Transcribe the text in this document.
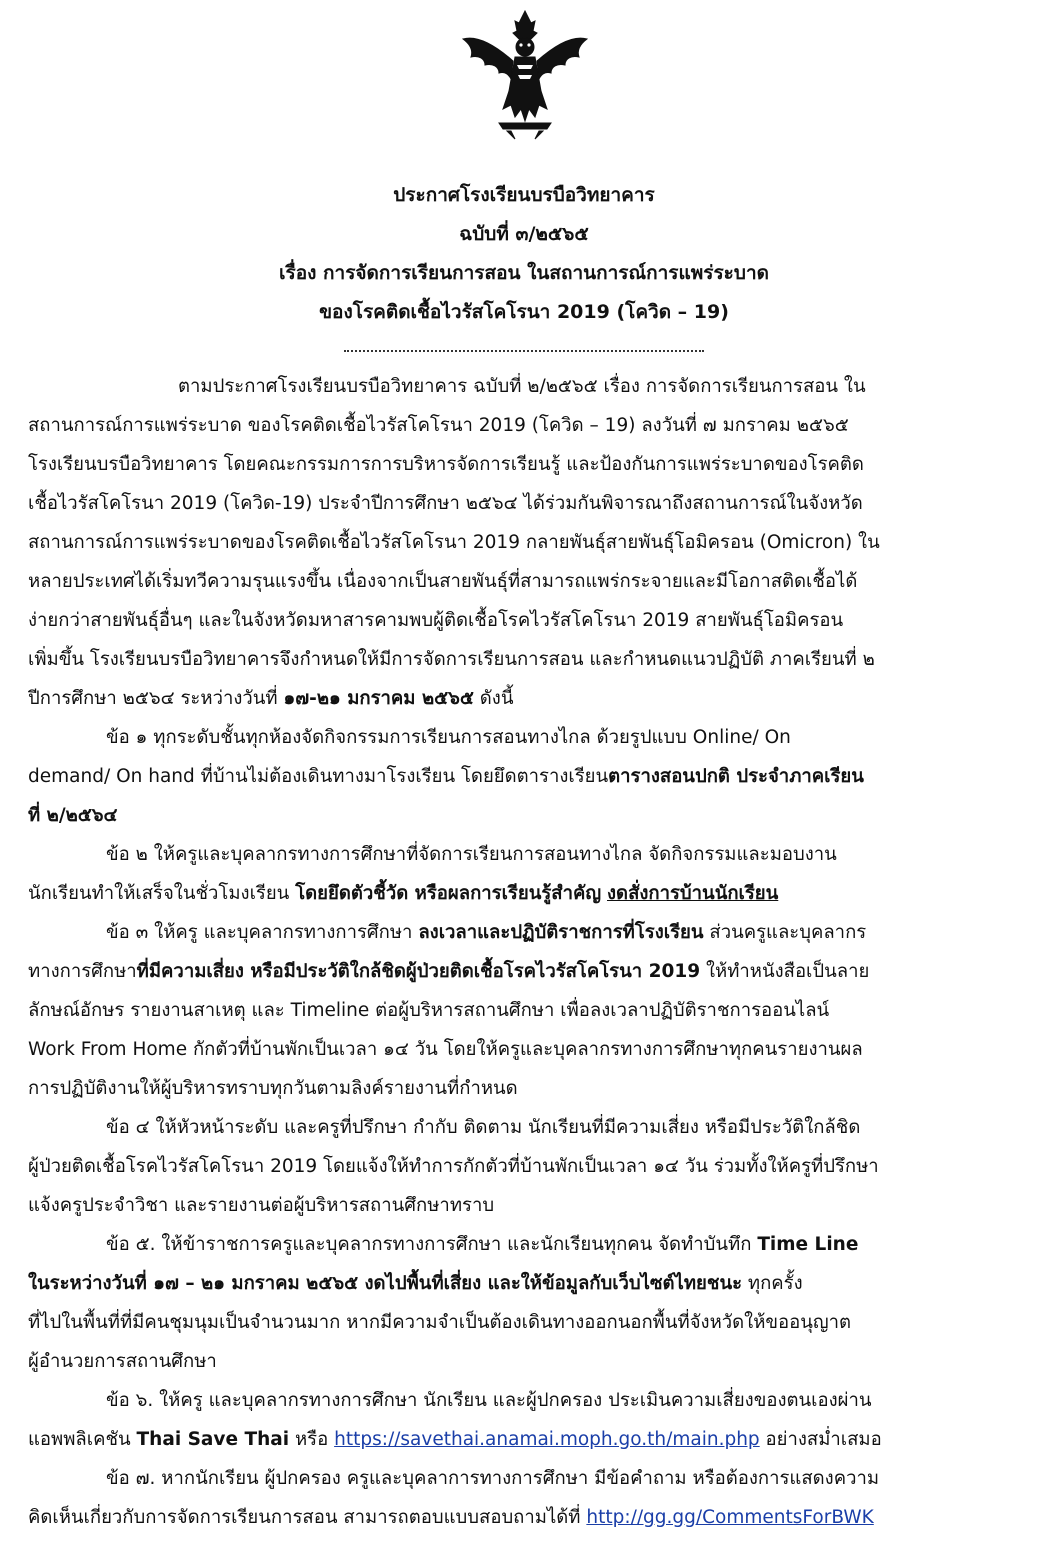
ประกาศโรงเรียนบรบือวิทยาคาร
ฉบับที่ ๓/๒๕๖๕
เรื่อง การจัดการเรียนการสอน ในสถานการณ์การแพร่ระบาด
ของโรคติดเชื้อไวรัสโคโรนา 2019 (โควิด – 19)
ตามประกาศโรงเรียนบรบือวิทยาคาร ฉบับที่ ๒/๒๕๖๕ เรื่อง การจัดการเรียนการสอน ใน
สถานการณ์การแพร่ระบาด ของโรคติดเชื้อไวรัสโคโรนา 2019 (โควิด – 19) ลงวันที่ ๗ มกราคม ๒๕๖๕
โรงเรียนบรบือวิทยาคาร โดยคณะกรรมการการบริหารจัดการเรียนรู้ และป้องกันการแพร่ระบาดของโรคติด
เชื้อไวรัสโคโรนา 2019 (โควิด-19) ประจำปีการศึกษา ๒๕๖๔ ได้ร่วมกันพิจารณาถึงสถานการณ์ในจังหวัด
สถานการณ์การแพร่ระบาดของโรคติดเชื้อไวรัสโคโรนา 2019 กลายพันธุ์สายพันธุ์โอมิครอน (Omicron) ใน
หลายประเทศได้เริ่มทวีความรุนแรงขึ้น เนื่องจากเป็นสายพันธุ์ที่สามารถแพร่กระจายและมีโอกาสติดเชื้อได้
ง่ายกว่าสายพันธุ์อื่นๆ และในจังหวัดมหาสารคามพบผู้ติดเชื้อโรคไวรัสโคโรนา 2019 สายพันธุ์โอมิครอน
เพิ่มขึ้น โรงเรียนบรบือวิทยาคารจึงกำหนดให้มีการจัดการเรียนการสอน และกำหนดแนวปฏิบัติ ภาคเรียนที่ ๒
ปีการศึกษา ๒๕๖๔ ระหว่างวันที่ ๑๗-๒๑ มกราคม ๒๕๖๕ ดังนี้
ข้อ ๑ ทุกระดับชั้นทุกห้องจัดกิจกรรมการเรียนการสอนทางไกล ด้วยรูปแบบ Online/ On
demand/ On hand ที่บ้านไม่ต้องเดินทางมาโรงเรียน โดยยึดตารางเรียนตารางสอนปกติ ประจำภาคเรียน
ที่ ๒/๒๕๖๔
ข้อ ๒ ให้ครูและบุคลากรทางการศึกษาที่จัดการเรียนการสอนทางไกล จัดกิจกรรมและมอบงาน
นักเรียนทำให้เสร็จในชั่วโมงเรียน โดยยึดตัวชี้วัด หรือผลการเรียนรู้สำคัญ งดสั่งการบ้านนักเรียน
ข้อ ๓ ให้ครู และบุคลากรทางการศึกษา ลงเวลาและปฏิบัติราชการที่โรงเรียน ส่วนครูและบุคลากร
ทางการศึกษาที่มีความเสี่ยง หรือมีประวัติใกล้ชิดผู้ป่วยติดเชื้อโรคไวรัสโคโรนา 2019 ให้ทำหนังสือเป็นลาย
ลักษณ์อักษร รายงานสาเหตุ และ Timeline ต่อผู้บริหารสถานศึกษา เพื่อลงเวลาปฏิบัติราชการออนไลน์
Work From Home กักตัวที่บ้านพักเป็นเวลา ๑๔ วัน โดยให้ครูและบุคลากรทางการศึกษาทุกคนรายงานผล
การปฏิบัติงานให้ผู้บริหารทราบทุกวันตามลิงค์รายงานที่กำหนด
ข้อ ๔ ให้หัวหน้าระดับ และครูที่ปรึกษา กำกับ ติดตาม นักเรียนที่มีความเสี่ยง หรือมีประวัติใกล้ชิด
ผู้ป่วยติดเชื้อโรคไวรัสโคโรนา 2019 โดยแจ้งให้ทำการกักตัวที่บ้านพักเป็นเวลา ๑๔ วัน ร่วมทั้งให้ครูที่ปรึกษา
แจ้งครูประจำวิชา และรายงานต่อผู้บริหารสถานศึกษาทราบ
ข้อ ๕. ให้ข้าราชการครูและบุคลากรทางการศึกษา และนักเรียนทุกคน จัดทำบันทึก Time Line
ในระหว่างวันที่ ๑๗ – ๒๑ มกราคม ๒๕๖๕ งดไปพื้นที่เสี่ยง และให้ข้อมูลกับเว็บไซต์ไทยชนะ ทุกครั้ง
ที่ไปในพื้นที่ที่มีคนชุมนุมเป็นจำนวนมาก หากมีความจำเป็นต้องเดินทางออกนอกพื้นที่จังหวัดให้ขออนุญาต
ผู้อำนวยการสถานศึกษา
ข้อ ๖. ให้ครู และบุคลากรทางการศึกษา นักเรียน และผู้ปกครอง ประเมินความเสี่ยงของตนเองผ่าน
แอพพลิเคชัน Thai Save Thai หรือ https://savethai.anamai.moph.go.th/main.php อย่างสม่ำเสมอ
ข้อ ๗. หากนักเรียน ผู้ปกครอง ครูและบุคลาการทางการศึกษา มีข้อคำถาม หรือต้องการแสดงความ
คิดเห็นเกี่ยวกับการจัดการเรียนการสอน สามารถตอบแบบสอบถามได้ที่ http://gg.gg/CommentsForBWK
